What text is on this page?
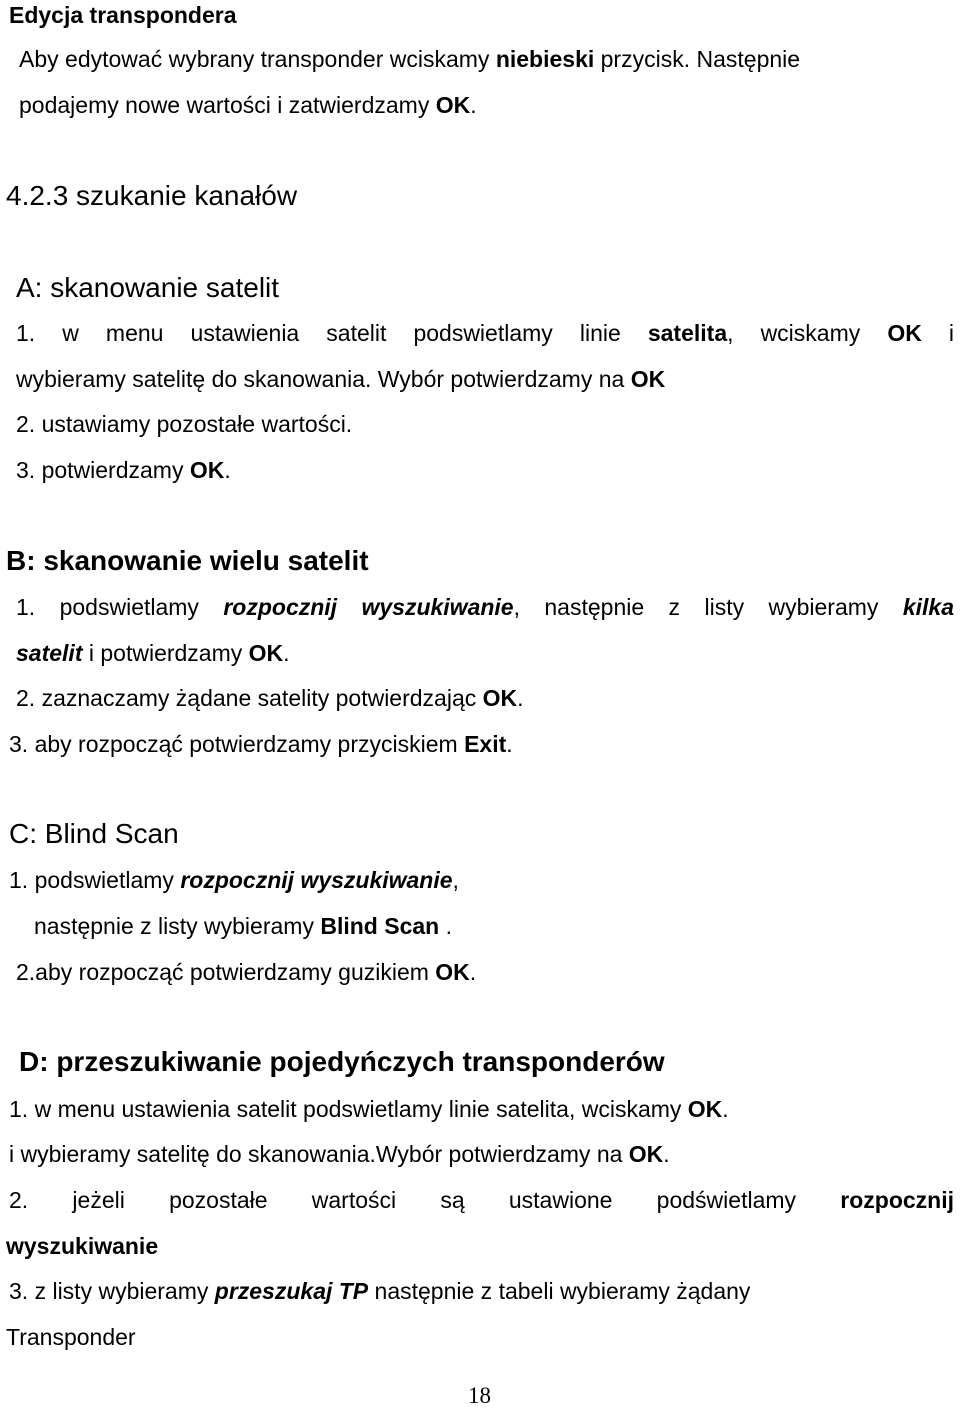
Edycja transpondera
Aby edytować wybrany transponder wciskamy niebieski przycisk. Następnie
podajemy nowe wartości i zatwierdzamy OK.
4.2.3 szukanie kanałów
A: skanowanie satelit
1. w menu ustawienia satelit podswietlamy linie satelita, wciskamy OK i
wybieramy satelitę do skanowania. Wybór potwierdzamy na OK
2. ustawiamy pozostałe wartości.
3. potwierdzamy OK.
B: skanowanie wielu satelit
1. podswietlamy rozpocznij wyszukiwanie, następnie z listy wybieramy kilka
satelit i potwierdzamy OK.
2. zaznaczamy żądane satelity potwierdzając OK.
3. aby rozpocząć potwierdzamy przyciskiem Exit.
C: Blind Scan
1. podswietlamy rozpocznij wyszukiwanie,
następnie z listy wybieramy Blind Scan .
2.aby rozpocząć potwierdzamy guzikiem OK.
D: przeszukiwanie pojedyńczych transponderów
1. w menu ustawienia satelit podswietlamy linie satelita, wciskamy OK.
i wybieramy satelitę do skanowania.Wybór potwierdzamy na OK.
2. jeżeli pozostałe wartości są ustawione podświetlamy rozpocznij
wyszukiwanie
3. z listy wybieramy przeszukaj TP następnie z tabeli wybieramy żądany
Transponder
18
